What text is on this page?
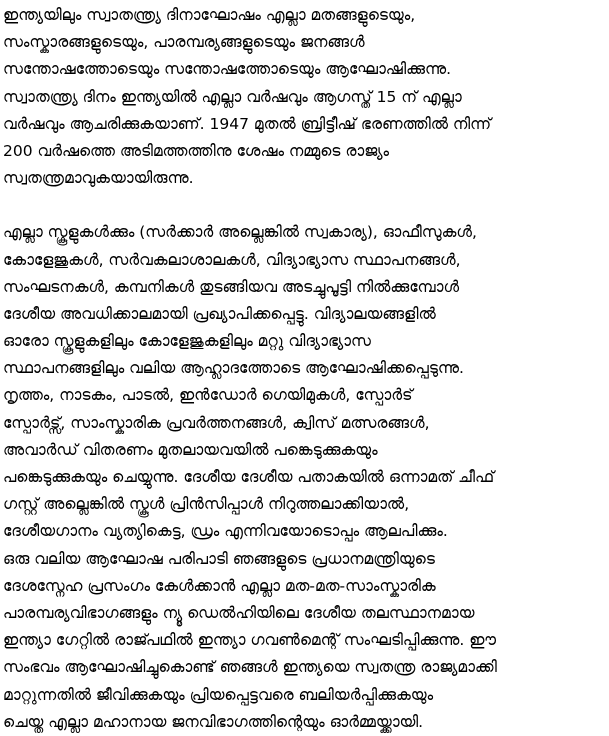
ഇന്ത്യയിലും സ്വാതന്ത്ര്യ ദിനാഘോഷം എല്ലാ മതങ്ങളുടെയും,
സംസ്കാരങ്ങളുടെയും, പാരമ്പര്യങ്ങളുടെയും ജനങ്ങൾ
സന്തോഷത്തോടെയും സന്തോഷത്തോടെയും ആഘോഷിക്കുന്നു.
സ്വാതന്ത്ര്യ ദിനം ഇന്ത്യയിൽ എല്ലാ വർഷവും ആഗസ്ത് 15 ന് എല്ലാ
വർഷവും ആചരിക്കുകയാണ്. 1947 മുതൽ ബ്രിട്ടീഷ് ഭരണത്തിൽ നിന്ന്
200 വർഷത്തെ അടിമത്തത്തിനു ശേഷം നമ്മുടെ രാജ്യം
സ്വതന്ത്രമാവുകയായിരുന്നു.
എല്ലാ സ്കൂളുകൾക്കും (സർക്കാർ അല്ലെങ്കിൽ സ്വകാര്യ), ഓഫീസുകൾ,
കോളേജുകൾ, സർവകലാശാലകൾ, വിദ്യാഭ്യാസ സ്ഥാപനങ്ങൾ,
സംഘടനകൾ, കമ്പനികൾ തുടങ്ങിയവ അടച്ചുപൂട്ടി നിൽക്കുമ്പോൾ
ദേശീയ അവധിക്കാലമായി പ്രഖ്യാപിക്കപ്പെട്ടു. വിദ്യാലയങ്ങളിൽ
ഓരോ സ്കൂളുകളിലും കോളേജുകളിലും മറ്റു വിദ്യാഭ്യാസ
സ്ഥാപനങ്ങളിലും വലിയ ആഹ്ലാദത്തോടെ ആഘോഷിക്കപ്പെടുന്നു.
നൃത്തം, നാടകം, പാടൽ, ഇൻഡോർ ഗെയിമുകൾ, സ്പോർട്
സ്പോർട്സ്, സാംസ്കാരിക പ്രവർത്തനങ്ങൾ, ക്വിസ് മത്സരങ്ങൾ,
അവാർഡ് വിതരണം മുതലായവയിൽ പങ്കെടുക്കുകയും
പങ്കെടുക്കുകയും ചെയ്യുന്നു. ദേശീയ ദേശീയ പതാകയിൽ ഒന്നാമത് ചീഫ്
ഗസ്റ്റ് അല്ലെങ്കിൽ സ്കൂൾ പ്രിൻസിപ്പാൾ നിറുത്തലാക്കിയാൽ,
ദേശീയഗാനം വ്യത്യികെട്ട, ഡ്രം എന്നിവയോടൊപ്പം ആലപിക്കും.
ഒരു വലിയ ആഘോഷ പരിപാടി ഞങ്ങളുടെ പ്രധാനമന്ത്രിയുടെ
ദേശസ്നേഹ പ്രസംഗം കേൾക്കാൻ എല്ലാ മത-മത-സാംസ്കാരിക
പാരമ്പര്യവിഭാഗങ്ങളും ന്യൂ ഡെൽഹിയിലെ ദേശീയ തലസ്ഥാനമായ
ഇന്ത്യാ ഗേറ്റിൽ രാജ്പഥിൽ ഇന്ത്യാ ഗവൺമെന്റ് സംഘടിപ്പിക്കുന്നു. ഈ
സംഭവം ആഘോഷിച്ചുകൊണ്ട് ഞങ്ങൾ ഇന്ത്യയെ സ്വതന്ത്ര രാജ്യമാക്കി
മാറ്റുന്നതിൽ ജീവിക്കുകയും പ്രിയപ്പെട്ടവരെ ബലിയർപ്പിക്കുകയും
ചെയ്ത എല്ലാ മഹാനായ ജനവിഭാഗത്തിന്റെയും ഓർമ്മയ്ക്കായി.
